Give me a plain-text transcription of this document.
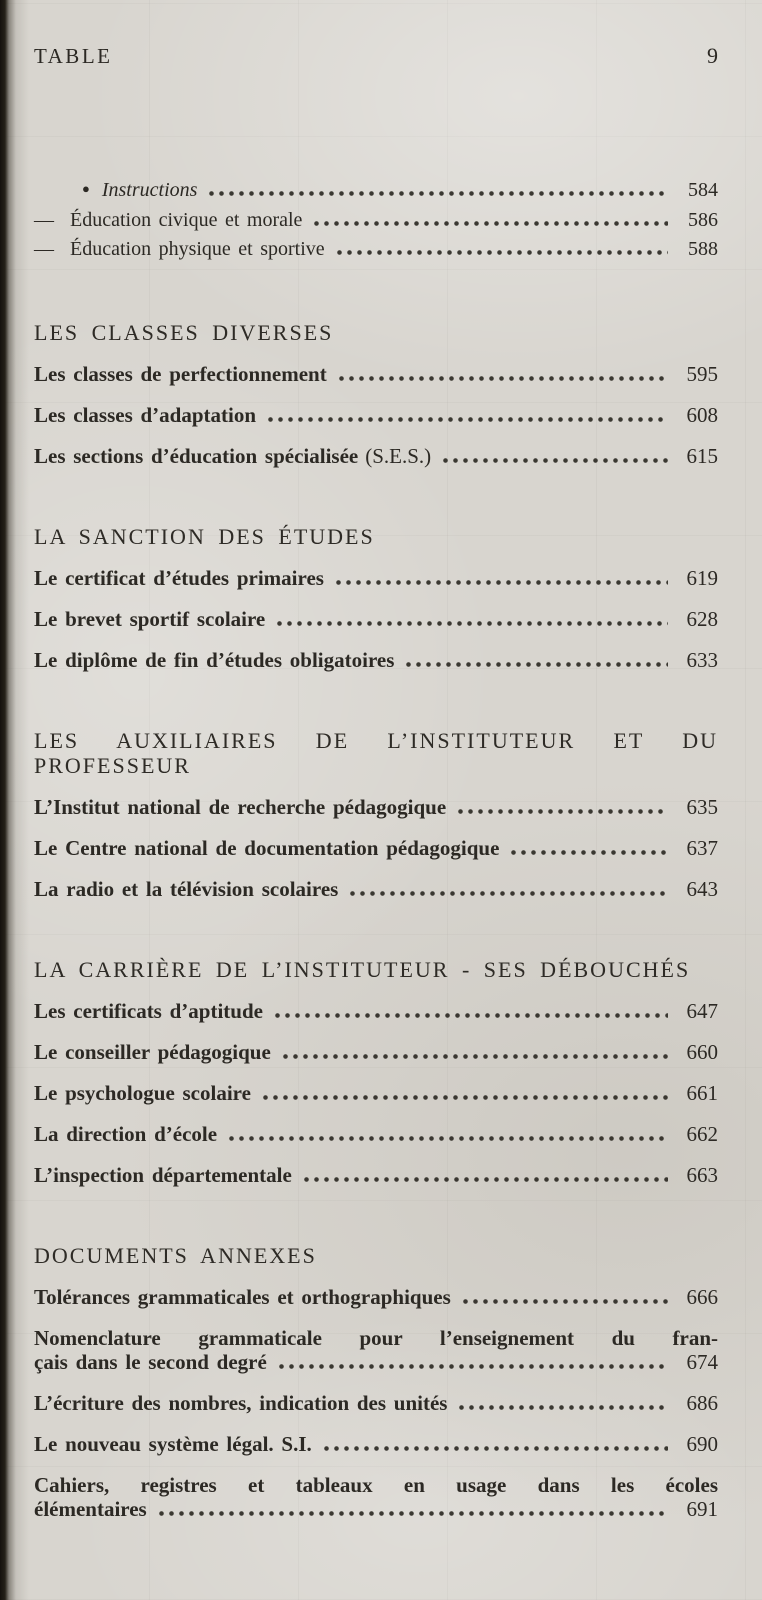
TABLE	9
● Instructions	584
— Éducation civique et morale	586
— Éducation physique et sportive	588
LES CLASSES DIVERSES
Les classes de perfectionnement	595
Les classes d’adaptation	608
Les sections d’éducation spécialisée (S.E.S.)	615
LA SANCTION DES ÉTUDES
Le certificat d’études primaires	619
Le brevet sportif scolaire	628
Le diplôme de fin d’études obligatoires	633
LES AUXILIAIRES DE L’INSTITUTEUR ET DU PROFESSEUR
L’Institut national de recherche pédagogique	635
Le Centre national de documentation pédagogique	637
La radio et la télévision scolaires	643
LA CARRIÈRE DE L’INSTITUTEUR - SES DÉBOUCHÉS
Les certificats d’aptitude	647
Le conseiller pédagogique	660
Le psychologue scolaire	661
La direction d’école	662
L’inspection départementale	663
DOCUMENTS ANNEXES
Tolérances grammaticales et orthographiques	666
Nomenclature grammaticale pour l’enseignement du fran-
çais dans le second degré	674
L’écriture des nombres, indication des unités	686
Le nouveau système légal. S.I.	690
Cahiers, registres et tableaux en usage dans les écoles
élémentaires	691
